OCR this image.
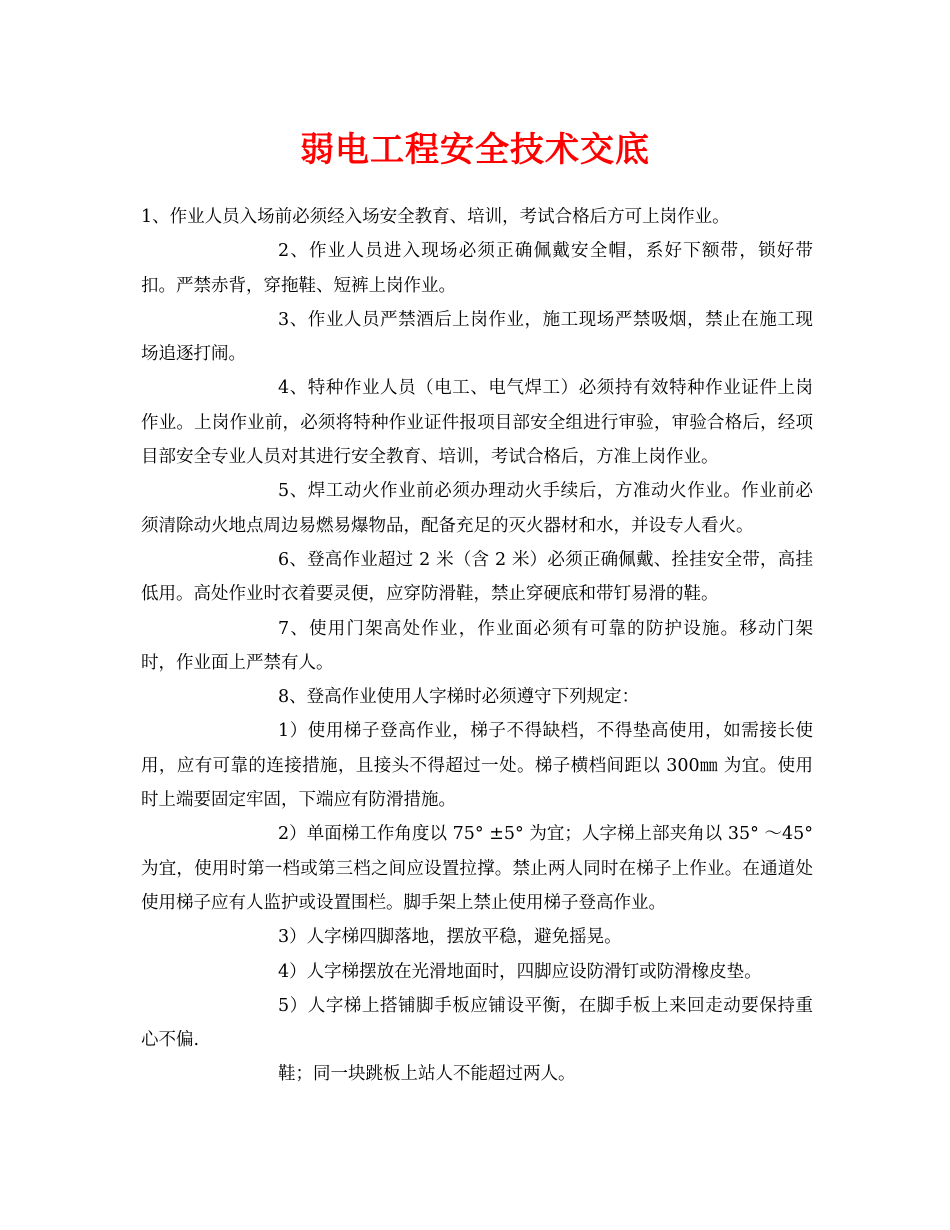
弱电工程安全技术交底

1、作业人员入场前必须经入场安全教育、培训，考试合格后方可上岗作业。

2、作业人员进入现场必须正确佩戴安全帽，系好下额带，锁好带扣。严禁赤背，穿拖鞋、短裤上岗作业。

3、作业人员严禁酒后上岗作业，施工现场严禁吸烟，禁止在施工现场追逐打闹。

4、特种作业人员（电工、电气焊工）必须持有效特种作业证件上岗作业。上岗作业前，必须将特种作业证件报项目部安全组进行审验，审验合格后，经项目部安全专业人员对其进行安全教育、培训，考试合格后，方准上岗作业。

5、焊工动火作业前必须办理动火手续后，方准动火作业。作业前必须清除动火地点周边易燃易爆物品，配备充足的灭火器材和水，并设专人看火。

6、登高作业超过 2 米（含 2 米）必须正确佩戴、拴挂安全带，高挂低用。高处作业时衣着要灵便，应穿防滑鞋，禁止穿硬底和带钉易滑的鞋。

7、使用门架高处作业，作业面必须有可靠的防护设施。移动门架时，作业面上严禁有人。

8、登高作业使用人字梯时必须遵守下列规定：

1）使用梯子登高作业，梯子不得缺档，不得垫高使用，如需接长使用，应有可靠的连接措施，且接头不得超过一处。梯子横档间距以 300㎜ 为宜。使用时上端要固定牢固，下端应有防滑措施。

2）单面梯工作角度以 75° ±5° 为宜；人字梯上部夹角以 35° ～45° 为宜，使用时第一档或第三档之间应设置拉撑。禁止两人同时在梯子上作业。在通道处使用梯子应有人监护或设置围栏。脚手架上禁止使用梯子登高作业。

3）人字梯四脚落地，摆放平稳，避免摇晃。

4）人字梯摆放在光滑地面时，四脚应设防滑钉或防滑橡皮垫。

5）人字梯上搭铺脚手板应铺设平衡，在脚手板上来回走动要保持重心不偏.

鞋；同一块跳板上站人不能超过两人。
